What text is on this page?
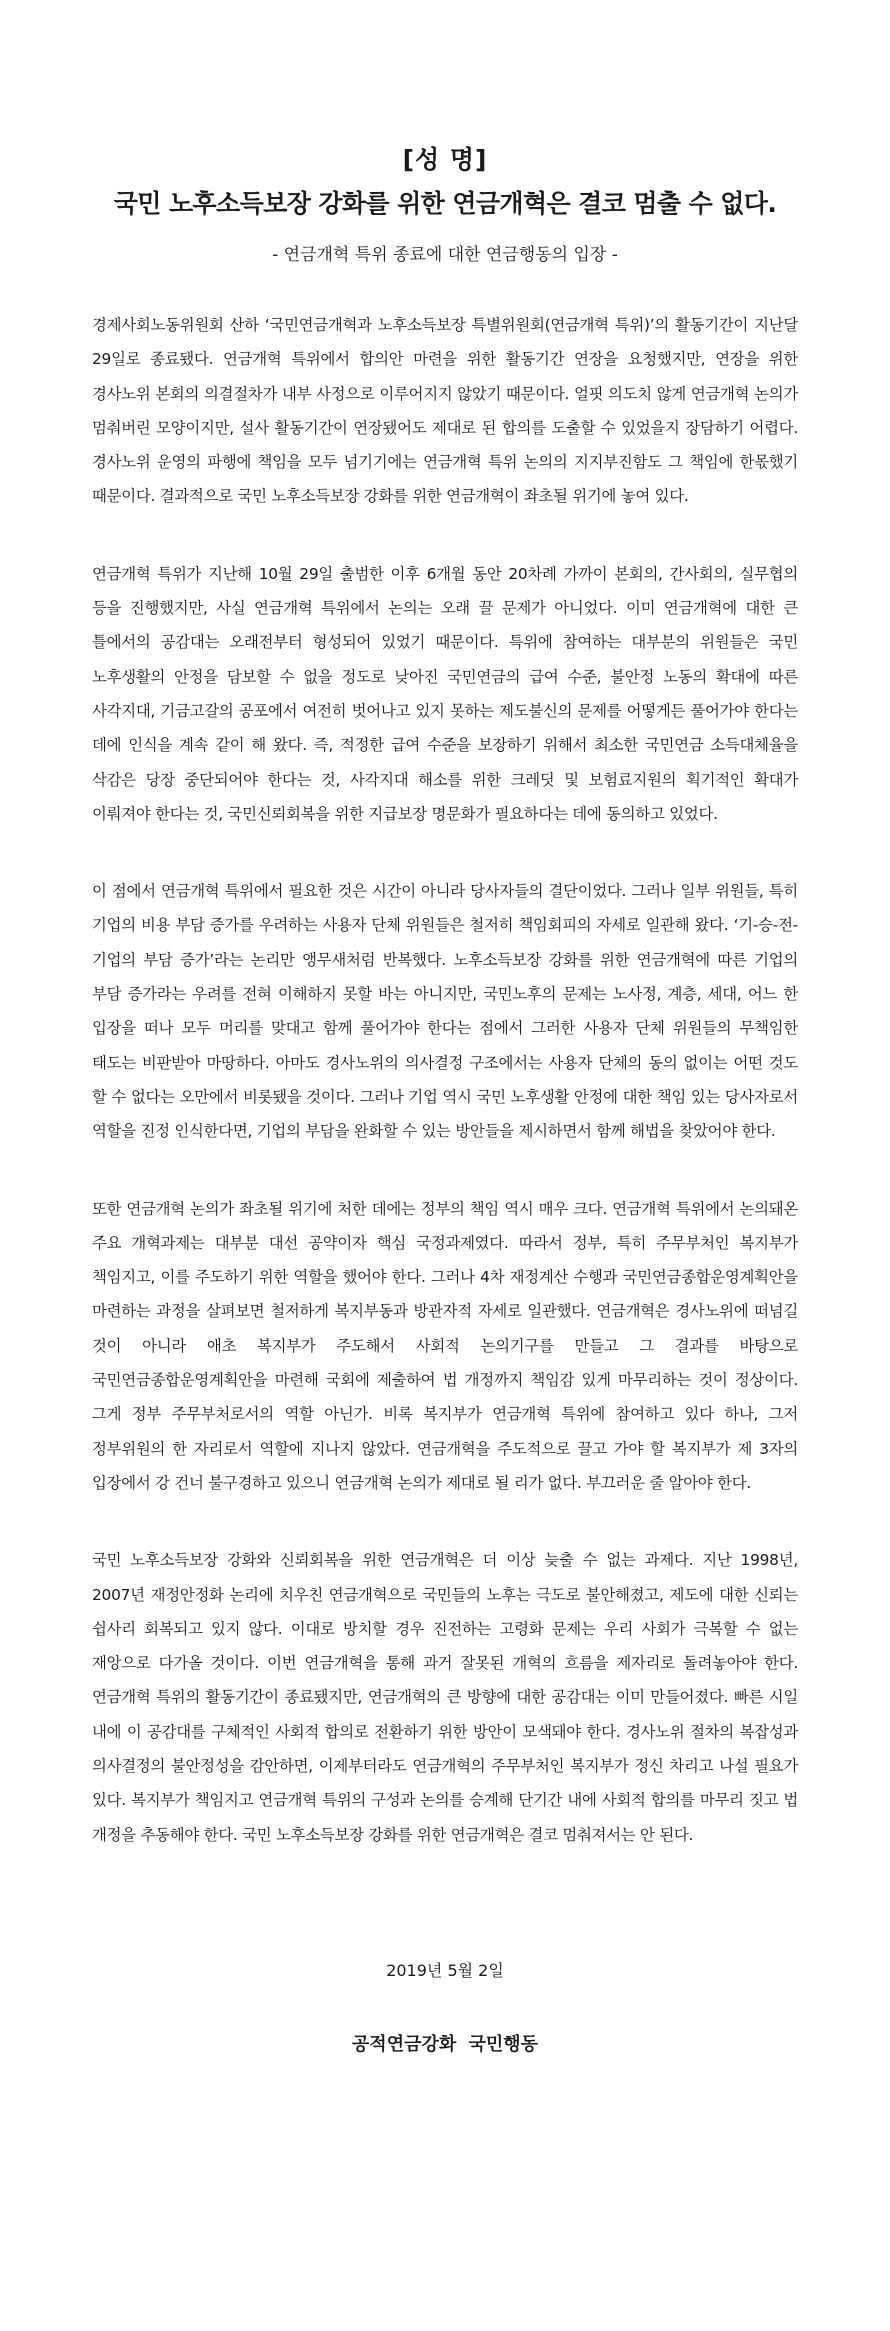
[성 명]
국민 노후소득보장 강화를 위한 연금개혁은 결코 멈출 수 없다.
- 연금개혁 특위 종료에 대한 연금행동의 입장 -

경제사회노동위원회 산하 ‘국민연금개혁과 노후소득보장 특별위원회(연금개혁 특위)’의 활동기간이 지난달 29일로 종료됐다. 연금개혁 특위에서 합의안 마련을 위한 활동기간 연장을 요청했지만, 연장을 위한 경사노위 본회의 의결절차가 내부 사정으로 이루어지지 않았기 때문이다. 얼핏 의도치 않게 연금개혁 논의가 멈춰버린 모양이지만, 설사 활동기간이 연장됐어도 제대로 된 합의를 도출할 수 있었을지 장담하기 어렵다. 경사노위 운영의 파행에 책임을 모두 넘기기에는 연금개혁 특위 논의의 지지부진함도 그 책임에 한몫했기 때문이다. 결과적으로 국민 노후소득보장 강화를 위한 연금개혁이 좌초될 위기에 놓여 있다.

연금개혁 특위가 지난해 10월 29일 출범한 이후 6개월 동안 20차례 가까이 본회의, 간사회의, 실무협의 등을 진행했지만, 사실 연금개혁 특위에서 논의는 오래 끌 문제가 아니었다. 이미 연금개혁에 대한 큰 틀에서의 공감대는 오래전부터 형성되어 있었기 때문이다. 특위에 참여하는 대부분의 위원들은 국민 노후생활의 안정을 담보할 수 없을 정도로 낮아진 국민연금의 급여 수준, 불안정 노동의 확대에 따른 사각지대, 기금고갈의 공포에서 여전히 벗어나고 있지 못하는 제도불신의 문제를 어떻게든 풀어가야 한다는 데에 인식을 계속 같이 해 왔다. 즉, 적정한 급여 수준을 보장하기 위해서 최소한 국민연금 소득대체율을 삭감은 당장 중단되어야 한다는 것, 사각지대 해소를 위한 크레딧 및 보험료지원의 획기적인 확대가 이뤄져야 한다는 것, 국민신뢰회복을 위한 지급보장 명문화가 필요하다는 데에 동의하고 있었다.

이 점에서 연금개혁 특위에서 필요한 것은 시간이 아니라 당사자들의 결단이었다. 그러나 일부 위원들, 특히 기업의 비용 부담 증가를 우려하는 사용자 단체 위원들은 철저히 책임회피의 자세로 일관해 왔다. ‘기-승-전-기업의 부담 증가’라는 논리만 앵무새처럼 반복했다. 노후소득보장 강화를 위한 연금개혁에 따른 기업의 부담 증가라는 우려를 전혀 이해하지 못할 바는 아니지만, 국민노후의 문제는 노사정, 계층, 세대, 어느 한 입장을 떠나 모두 머리를 맞대고 함께 풀어가야 한다는 점에서 그러한 사용자 단체 위원들의 무책임한 태도는 비판받아 마땅하다. 아마도 경사노위의 의사결정 구조에서는 사용자 단체의 동의 없이는 어떤 것도 할 수 없다는 오만에서 비롯됐을 것이다. 그러나 기업 역시 국민 노후생활 안정에 대한 책임 있는 당사자로서 역할을 진정 인식한다면, 기업의 부담을 완화할 수 있는 방안들을 제시하면서 함께 해법을 찾았어야 한다.

또한 연금개혁 논의가 좌초될 위기에 처한 데에는 정부의 책임 역시 매우 크다. 연금개혁 특위에서 논의돼온 주요 개혁과제는 대부분 대선 공약이자 핵심 국정과제였다. 따라서 정부, 특히 주무부처인 복지부가 책임지고, 이를 주도하기 위한 역할을 했어야 한다. 그러나 4차 재정계산 수행과 국민연금종합운영계획안을 마련하는 과정을 살펴보면 철저하게 복지부동과 방관자적 자세로 일관했다. 연금개혁은 경사노위에 떠넘길 것이 아니라 애초 복지부가 주도해서 사회적 논의기구를 만들고 그 결과를 바탕으로 국민연금종합운영계획안을 마련해 국회에 제출하여 법 개정까지 책임감 있게 마무리하는 것이 정상이다. 그게 정부 주무부처로서의 역할 아닌가. 비록 복지부가 연금개혁 특위에 참여하고 있다 하나, 그저 정부위원의 한 자리로서 역할에 지나지 않았다. 연금개혁을 주도적으로 끌고 가야 할 복지부가 제 3자의 입장에서 강 건너 불구경하고 있으니 연금개혁 논의가 제대로 될 리가 없다. 부끄러운 줄 알아야 한다.

국민 노후소득보장 강화와 신뢰회복을 위한 연금개혁은 더 이상 늦출 수 없는 과제다. 지난 1998년, 2007년 재정안정화 논리에 치우친 연금개혁으로 국민들의 노후는 극도로 불안해졌고, 제도에 대한 신뢰는 쉽사리 회복되고 있지 않다. 이대로 방치할 경우 진전하는 고령화 문제는 우리 사회가 극복할 수 없는 재앙으로 다가올 것이다. 이번 연금개혁을 통해 과거 잘못된 개혁의 흐름을 제자리로 돌려놓아야 한다. 연금개혁 특위의 활동기간이 종료됐지만, 연금개혁의 큰 방향에 대한 공감대는 이미 만들어졌다. 빠른 시일 내에 이 공감대를 구체적인 사회적 합의로 전환하기 위한 방안이 모색돼야 한다. 경사노위 절차의 복잡성과 의사결정의 불안정성을 감안하면, 이제부터라도 연금개혁의 주무부처인 복지부가 정신 차리고 나설 필요가 있다. 복지부가 책임지고 연금개혁 특위의 구성과 논의를 승계해 단기간 내에 사회적 합의를 마무리 짓고 법 개정을 추동해야 한다. 국민 노후소득보장 강화를 위한 연금개혁은 결코 멈춰져서는 안 된다.

2019년 5월 2일
공적연금강화 국민행동
